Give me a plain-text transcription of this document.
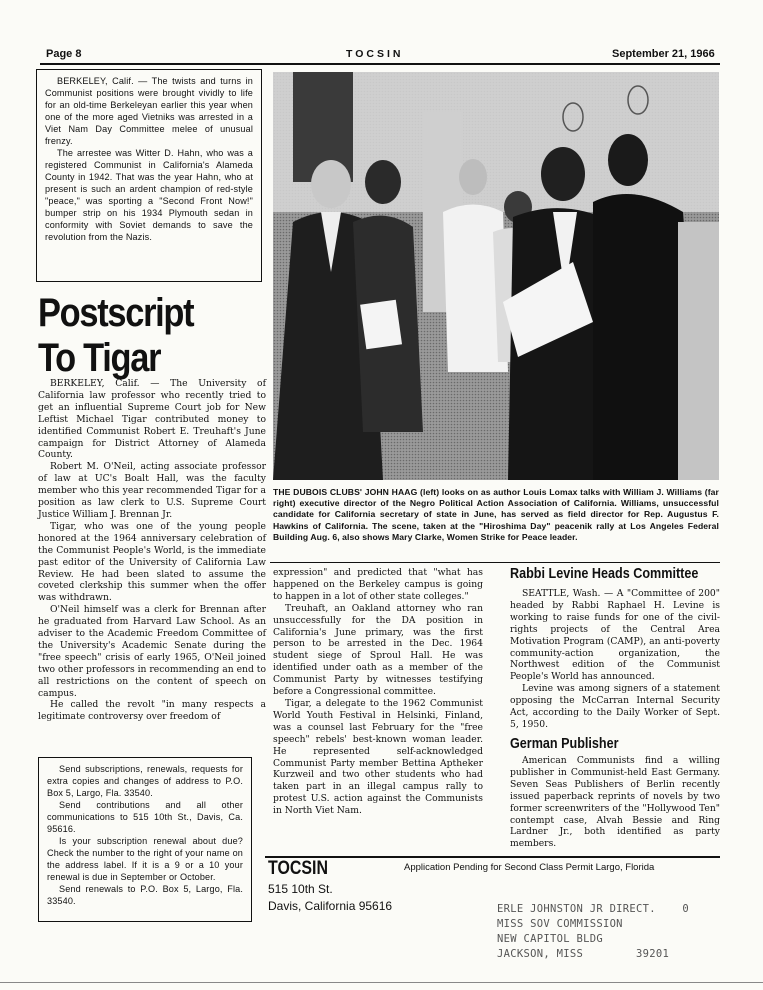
Page 8	TOCSIN	September 21, 1966

BERKELEY, Calif. — The twists and turns in Communist positions were brought vividly to life for an old-time Berkeleyan earlier this year when one of the more aged Vietniks was arrested in a Viet Nam Day Committee melee of unusual frenzy.

The arrestee was Witter D. Hahn, who was a registered Communist in California's Alameda County in 1942. That was the year Hahn, who at present is such an ardent champion of red-style "peace," was sporting a "Second Front Now!" bumper strip on his 1934 Plymouth sedan in conformity with Soviet demands to save the revolution from the Nazis.

Postscript
To Tigar

BERKELEY, Calif. — The University of California law professor who recently tried to get an influential Supreme Court job for New Leftist Michael Tigar contributed money to identified Communist Robert E. Treuhaft's June campaign for District Attorney of Alameda County.

Robert M. O'Neil, acting associate professor of law at UC's Boalt Hall, was the faculty member who this year recommended Tigar for a position as law clerk to U.S. Supreme Court Justice William J. Brennan Jr.

Tigar, who was one of the young people honored at the 1964 anniversary celebration of the Communist People's World, is the immediate past editor of the University of California Law Review. He had been slated to assume the coveted clerkship this summer when the offer was withdrawn.

O'Neil himself was a clerk for Brennan after he graduated from Harvard Law School. As an adviser to the Academic Freedom Committee of the University's Academic Senate during the "free speech" crisis of early 1965, O'Neil joined two other professors in recommending an end to all restrictions on the content of speech on campus.

He called the revolt "in many respects a legitimate controversy over freedom of

Send subscriptions, renewals, requests for extra copies and changes of address to P.O. Box 5, Largo, Fla. 33540.

Send contributions and all other communications to 515 10th St., Davis, Ca. 95616.

Is your subscription renewal about due? Check the number to the right of your name on the address label. If it is a 9 or a 10 your renewal is due in September or October.

Send renewals to P.O. Box 5, Largo, Fla. 33540.

THE DUBOIS CLUBS' JOHN HAAG (left) looks on as author Louis Lomax talks with William J. Williams (far right) executive director of the Negro Political Action Association of California. Williams, unsuccessful candidate for California secretary of state in June, has served as field director for Rep. Augustus F. Hawkins of California. The scene, taken at the "Hiroshima Day" peacenik rally at Los Angeles Federal Building Aug. 6, also shows Mary Clarke, Women Strike for Peace leader.

expression" and predicted that "what has happened on the Berkeley campus is going to happen in a lot of other state colleges."

Treuhaft, an Oakland attorney who ran unsuccessfully for the DA position in California's June primary, was the first person to be arrested in the Dec. 1964 student siege of Sproul Hall. He was identified under oath as a member of the Communist Party by witnesses testifying before a Congressional committee.

Tigar, a delegate to the 1962 Communist World Youth Festival in Helsinki, Finland, was a counsel last February for the "free speech" rebels' best-known woman leader. He represented self-acknowledged Communist Party member Bettina Aptheker Kurzweil and two other students who had taken part in an illegal campus rally to protest U.S. action against the Communists in North Viet Nam.

Rabbi Levine Heads Committee

SEATTLE, Wash. — A "Committee of 200" headed by Rabbi Raphael H. Levine is working to raise funds for one of the civil-rights projects of the Central Area Motivation Program (CAMP), an anti-poverty community-action organization, the Northwest edition of the Communist People's World has announced.

Levine was among signers of a statement opposing the McCarran Internal Security Act, according to the Daily Worker of Sept. 5, 1950.

German Publisher

American Communists find a willing publisher in Communist-held East Germany. Seven Seas Publishers of Berlin recently issued paperback reprints of novels by two former screenwriters of the "Hollywood Ten" contempt case, Alvah Bessie and Ring Lardner Jr., both identified as party members.

TOCSIN
515 10th St.
Davis, California 95616
Application Pending for Second Class Permit Largo, Florida
ERLE JOHNSTON JR DIRECT.    0
MISS SOV COMMISSION
NEW CAPITOL BLDG
JACKSON, MISS        39201
